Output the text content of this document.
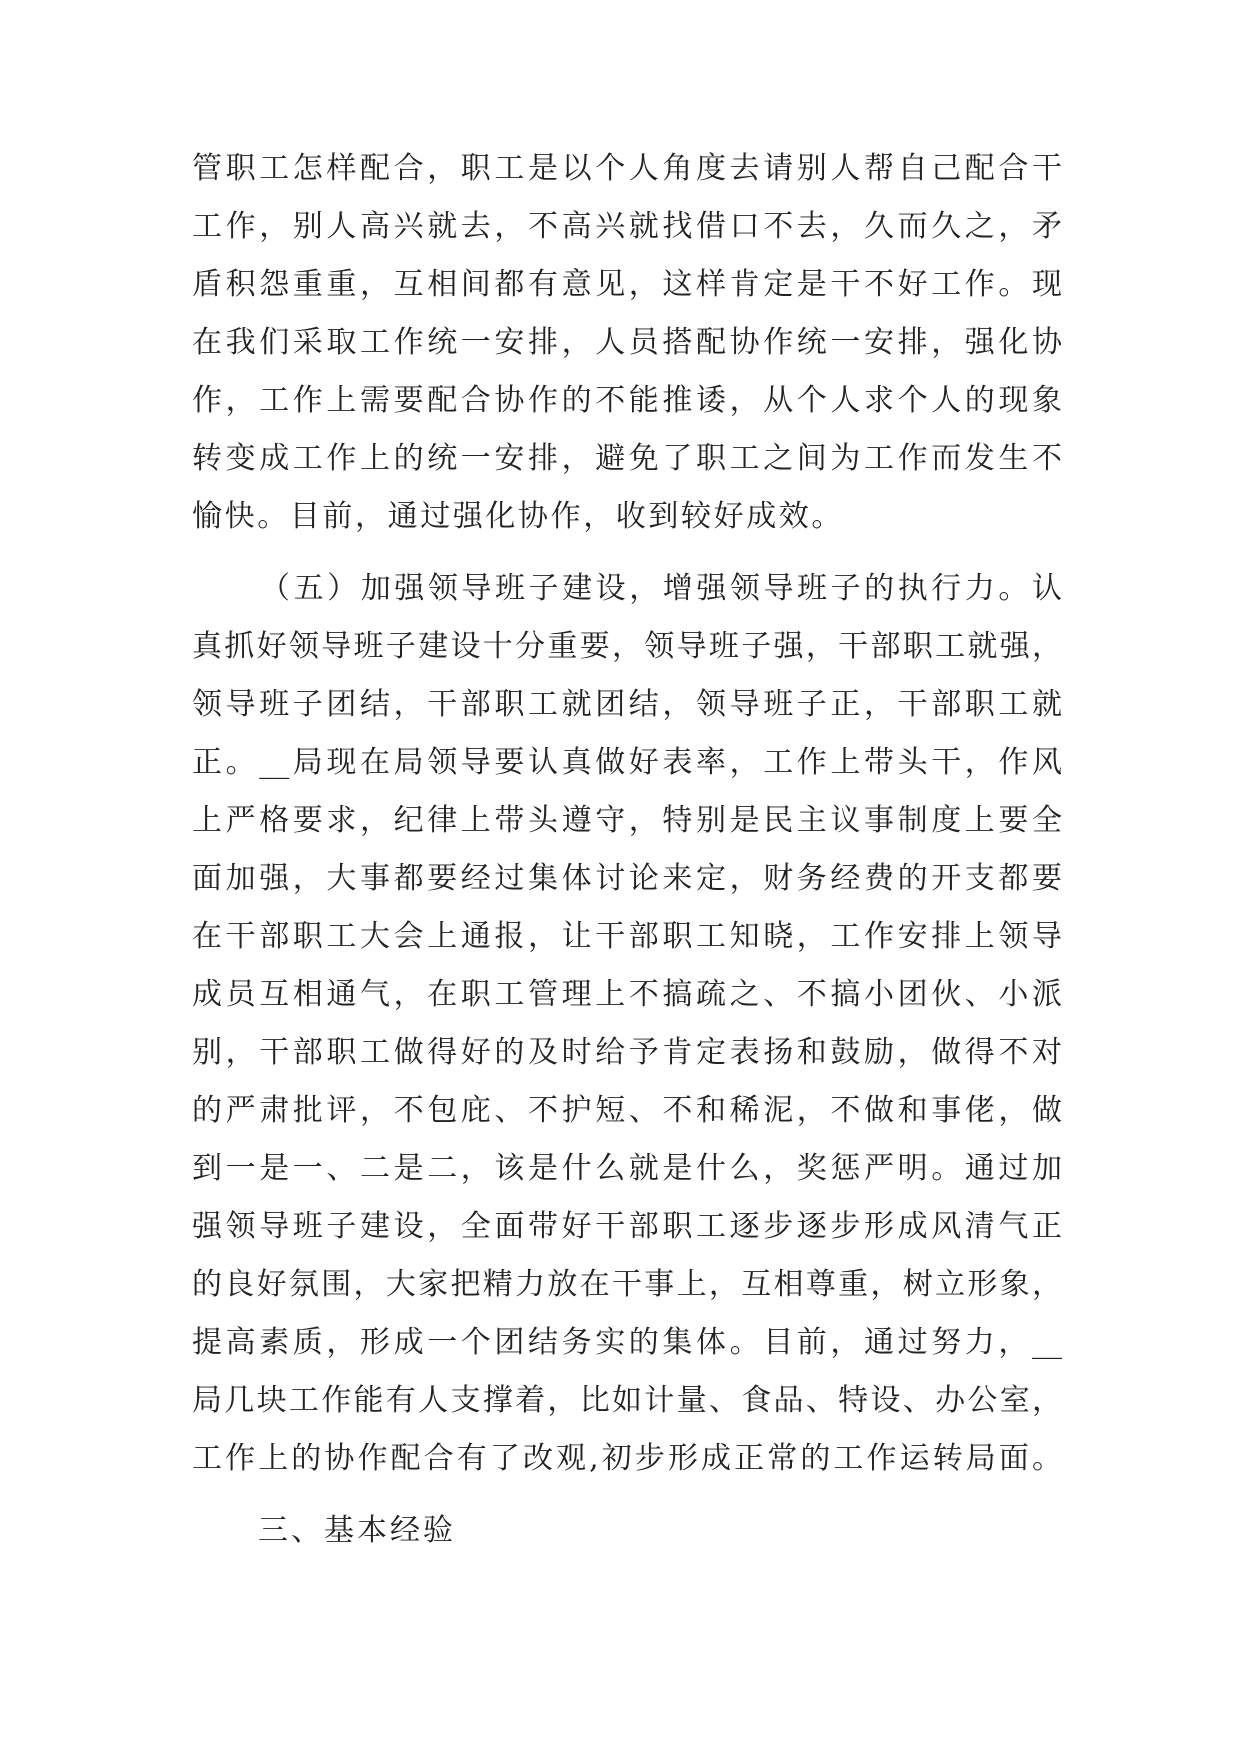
管职工怎样配合，职工是以个人角度去请别人帮自己配合干
工作，别人高兴就去，不高兴就找借口不去，久而久之，矛
盾积怨重重，互相间都有意见，这样肯定是干不好工作。现
在我们采取工作统一安排，人员搭配协作统一安排，强化协
作，工作上需要配合协作的不能推诿，从个人求个人的现象
转变成工作上的统一安排，避免了职工之间为工作而发生不
愉快。目前，通过强化协作，收到较好成效。
（五）加强领导班子建设，增强领导班子的执行力。认
真抓好领导班子建设十分重要，领导班子强，干部职工就强，
领导班子团结，干部职工就团结，领导班子正，干部职工就
正。__局现在局领导要认真做好表率，工作上带头干，作风
上严格要求，纪律上带头遵守，特别是民主议事制度上要全
面加强，大事都要经过集体讨论来定，财务经费的开支都要
在干部职工大会上通报，让干部职工知晓，工作安排上领导
成员互相通气，在职工管理上不搞疏之、不搞小团伙、小派
别，干部职工做得好的及时给予肯定表扬和鼓励，做得不对
的严肃批评，不包庇、不护短、不和稀泥，不做和事佬，做
到一是一、二是二，该是什么就是什么，奖惩严明。通过加
强领导班子建设，全面带好干部职工逐步逐步形成风清气正
的良好氛围，大家把精力放在干事上，互相尊重，树立形象，
提高素质，形成一个团结务实的集体。目前，通过努力，__
局几块工作能有人支撑着，比如计量、食品、特设、办公室，
工作上的协作配合有了改观,初步形成正常的工作运转局面。
三、基本经验
